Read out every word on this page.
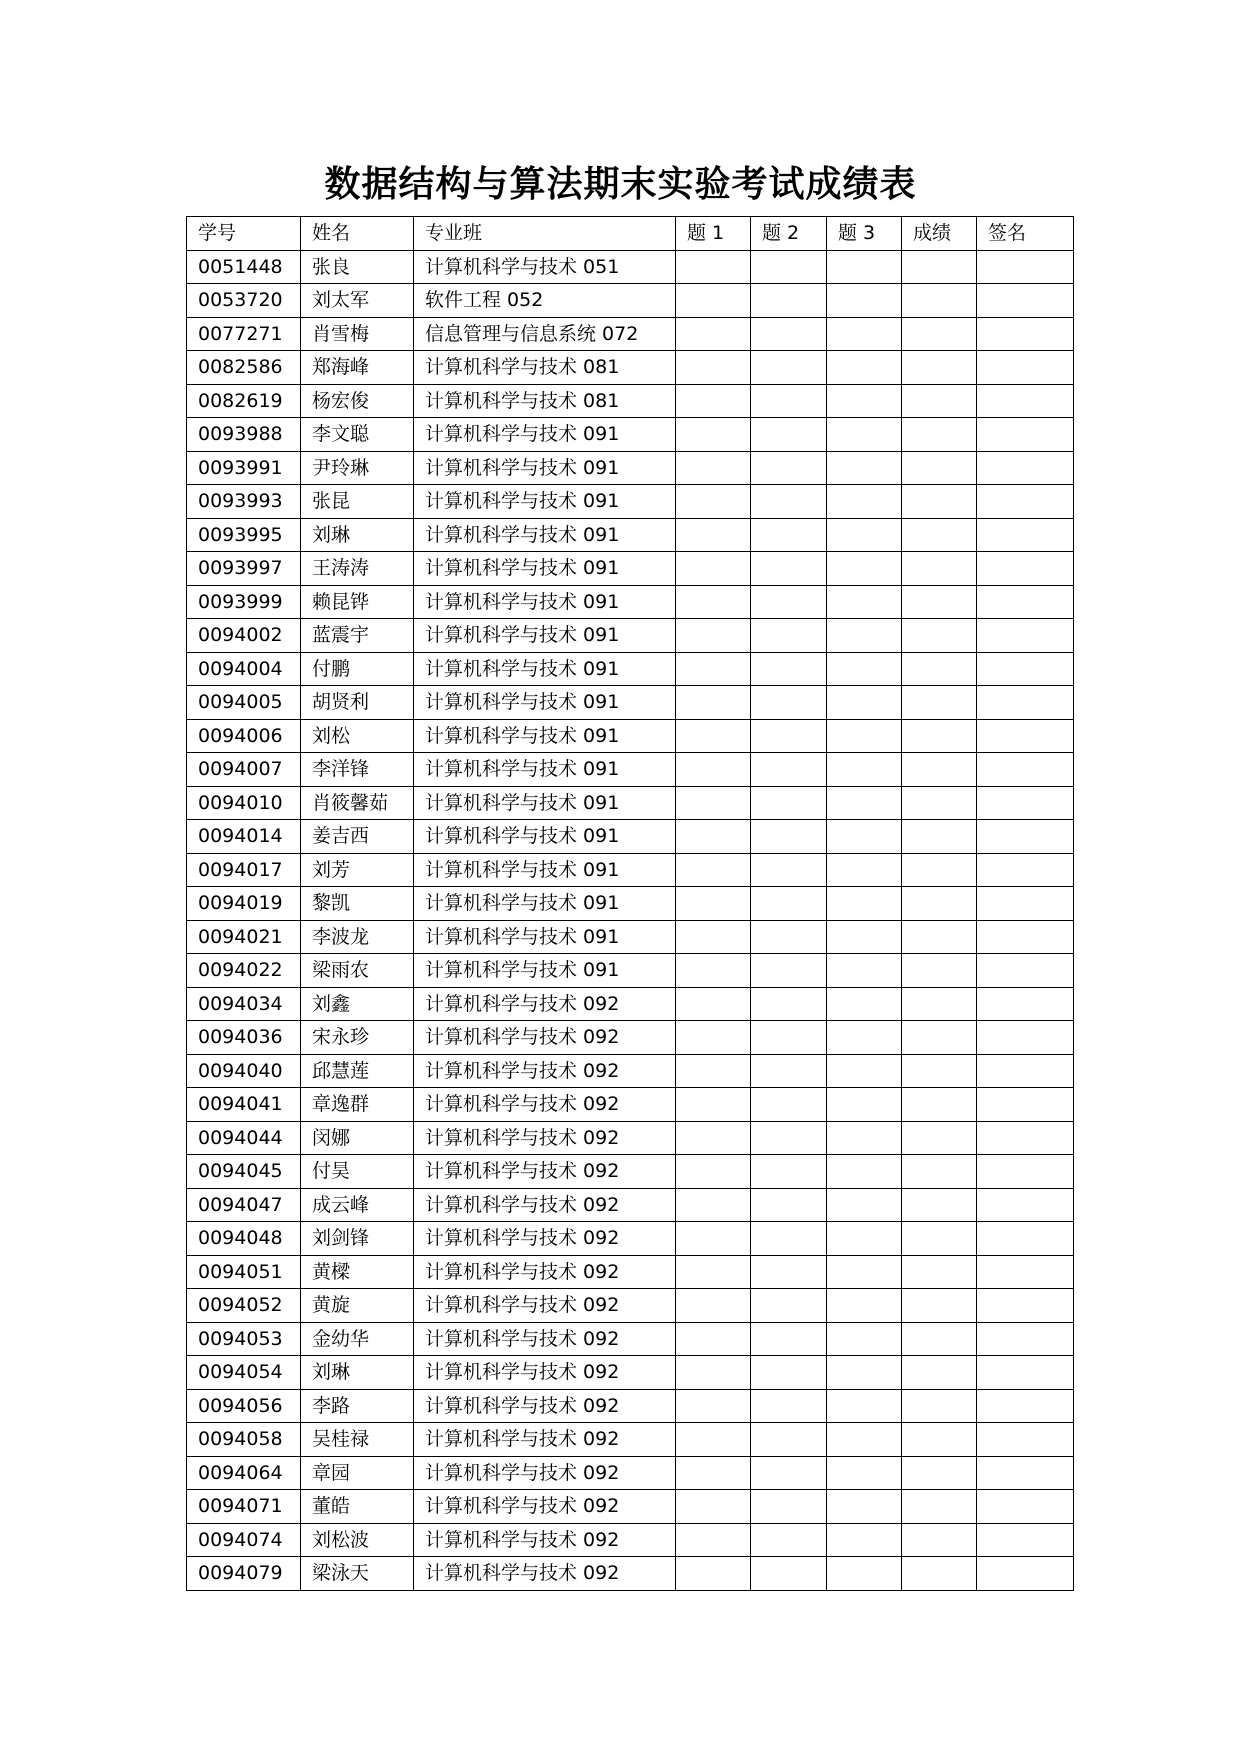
数据结构与算法期末实验考试成绩表
学号	姓名	专业班	题 1	题 2	题 3	成绩	签名
0051448	张良	计算机科学与技术 051					
0053720	刘太军	软件工程 052					
0077271	肖雪梅	信息管理与信息系统 072					
0082586	郑海峰	计算机科学与技术 081					
0082619	杨宏俊	计算机科学与技术 081					
0093988	李文聪	计算机科学与技术 091					
0093991	尹玲琳	计算机科学与技术 091					
0093993	张昆	计算机科学与技术 091					
0093995	刘琳	计算机科学与技术 091					
0093997	王涛涛	计算机科学与技术 091					
0093999	赖昆铧	计算机科学与技术 091					
0094002	蓝震宇	计算机科学与技术 091					
0094004	付鹏	计算机科学与技术 091					
0094005	胡贤利	计算机科学与技术 091					
0094006	刘松	计算机科学与技术 091					
0094007	李洋锋	计算机科学与技术 091					
0094010	肖筱馨茹	计算机科学与技术 091					
0094014	姜吉西	计算机科学与技术 091					
0094017	刘芳	计算机科学与技术 091					
0094019	黎凯	计算机科学与技术 091					
0094021	李波龙	计算机科学与技术 091					
0094022	梁雨农	计算机科学与技术 091					
0094034	刘鑫	计算机科学与技术 092					
0094036	宋永珍	计算机科学与技术 092					
0094040	邱慧莲	计算机科学与技术 092					
0094041	章逸群	计算机科学与技术 092					
0094044	闵娜	计算机科学与技术 092					
0094045	付昊	计算机科学与技术 092					
0094047	成云峰	计算机科学与技术 092					
0094048	刘剑锋	计算机科学与技术 092					
0094051	黄樑	计算机科学与技术 092					
0094052	黄旋	计算机科学与技术 092					
0094053	金幼华	计算机科学与技术 092					
0094054	刘琳	计算机科学与技术 092					
0094056	李路	计算机科学与技术 092					
0094058	吴桂禄	计算机科学与技术 092					
0094064	章园	计算机科学与技术 092					
0094071	董皓	计算机科学与技术 092					
0094074	刘松波	计算机科学与技术 092					
0094079	梁泳天	计算机科学与技术 092					
